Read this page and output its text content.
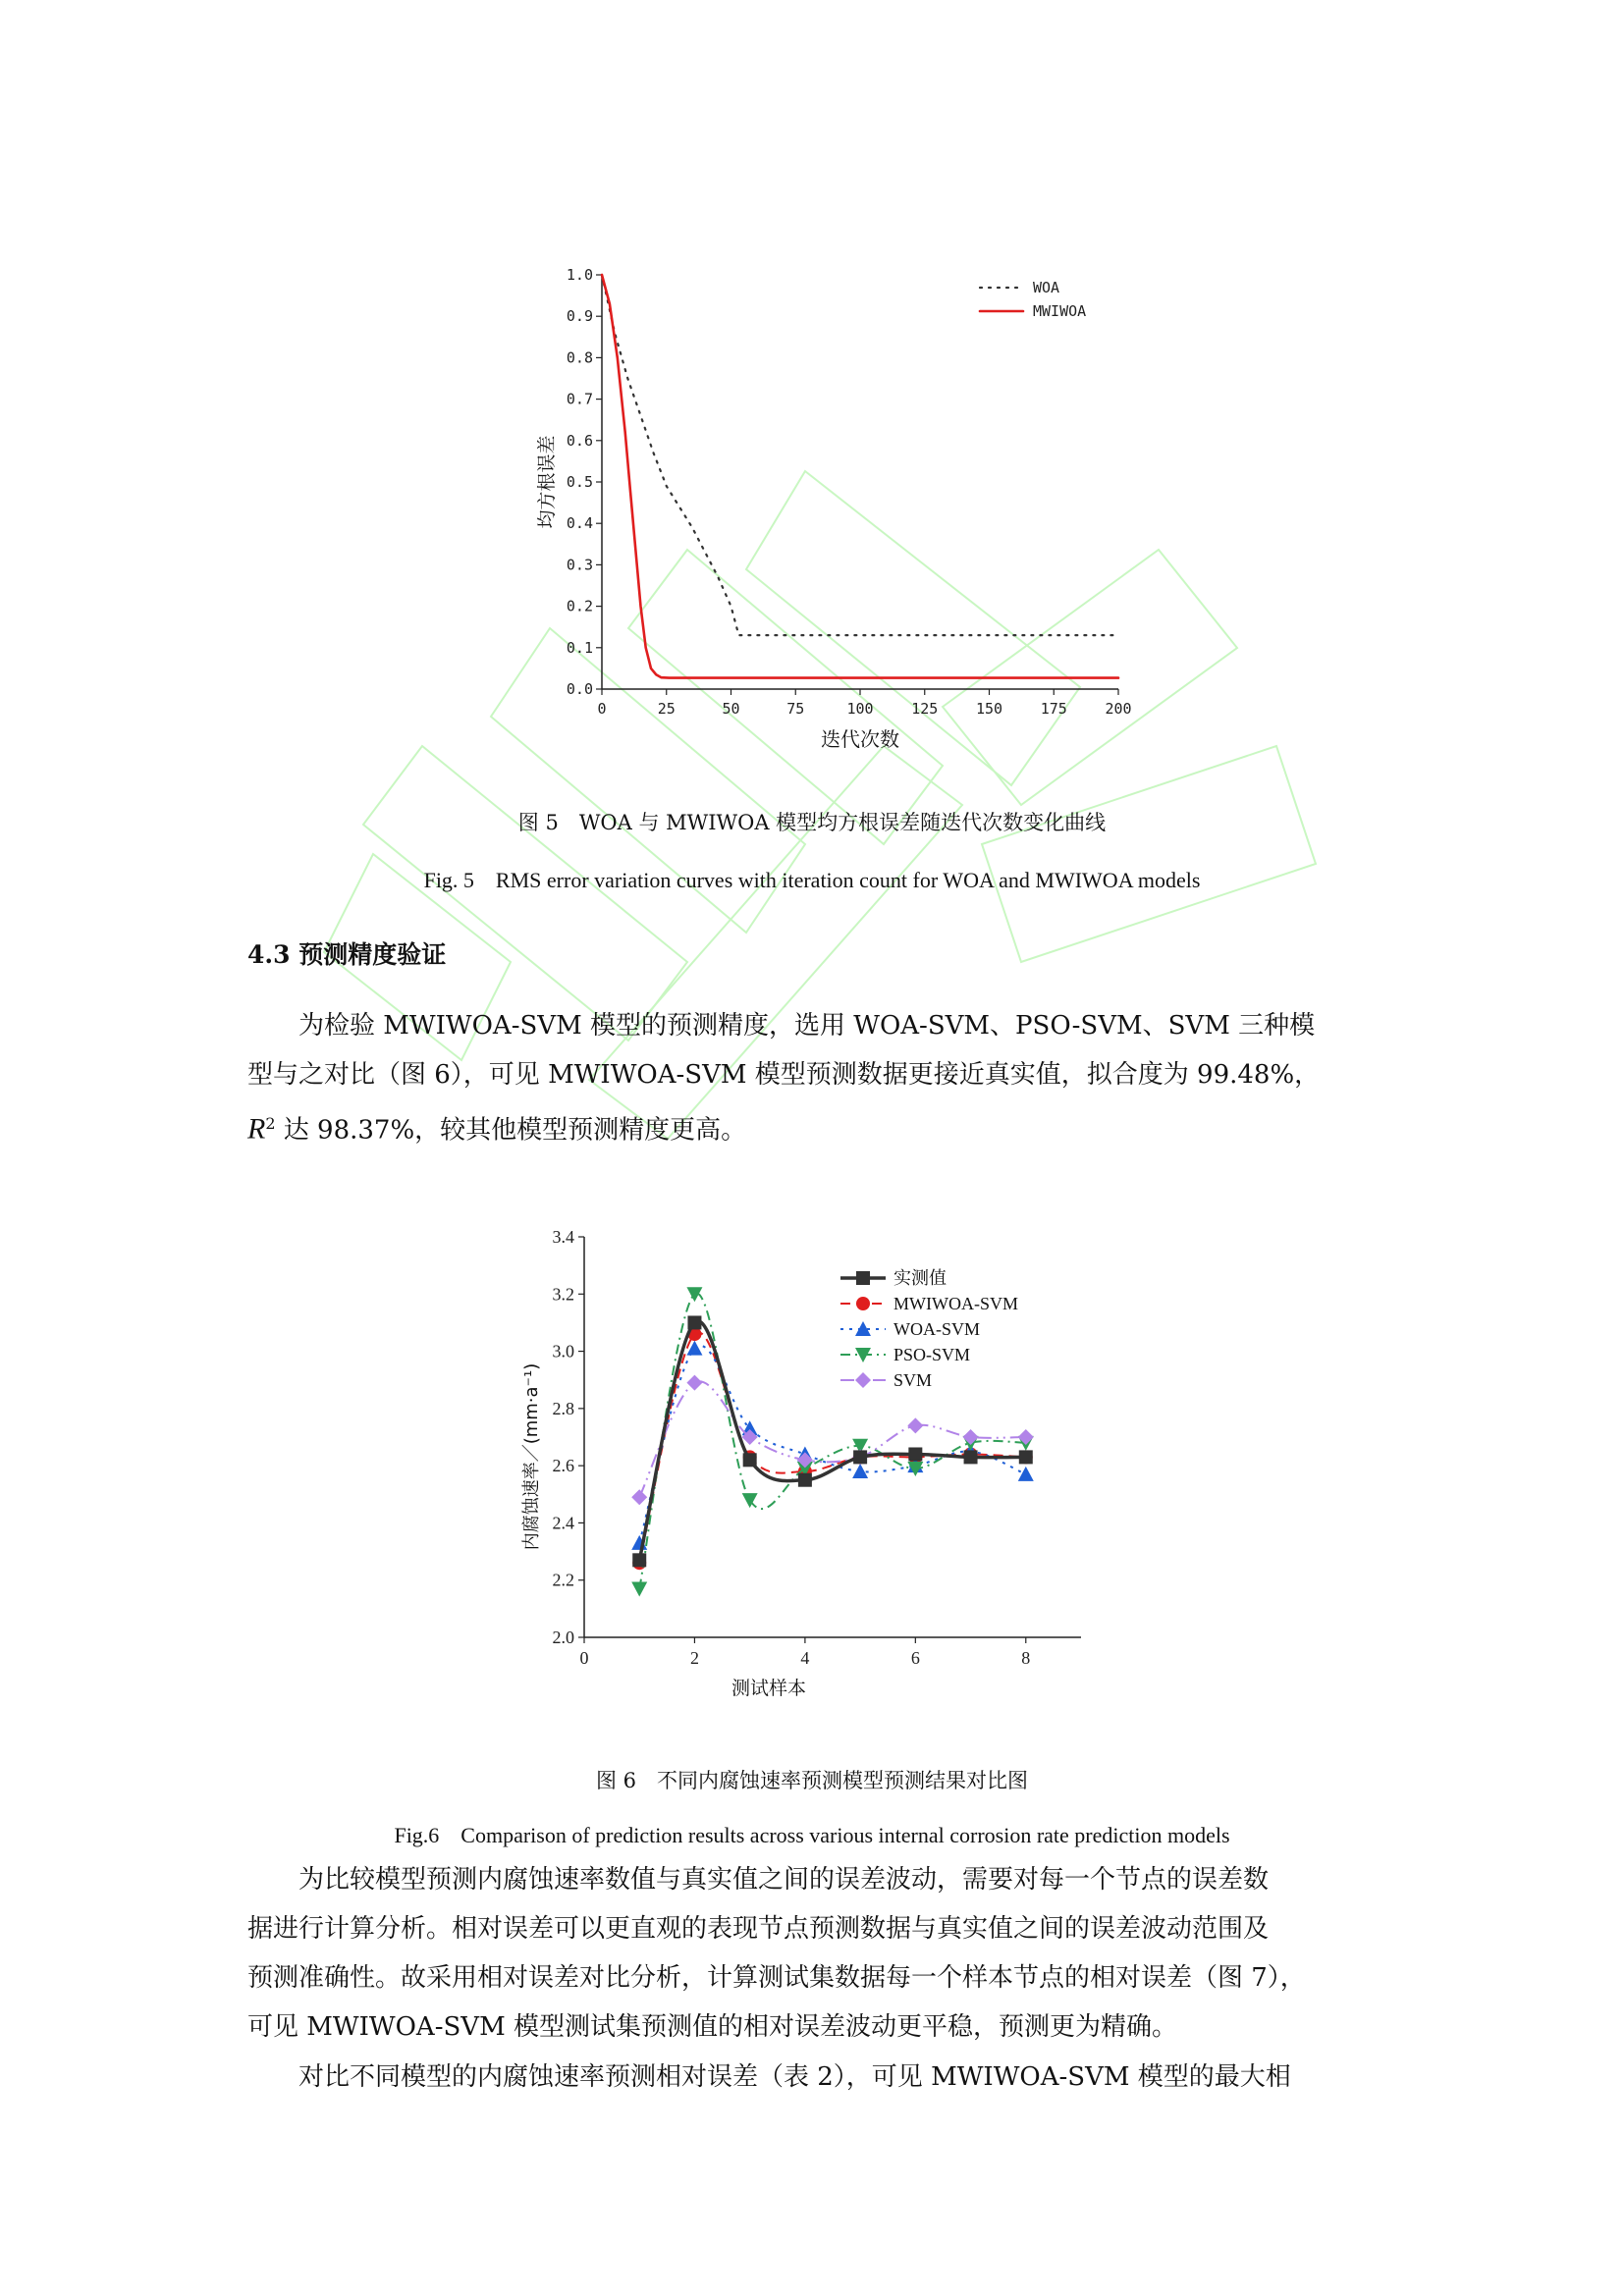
0	25	50	75	100	125	150	175	200
0.0
0.1
0.2
0.3
0.4
0.5
0.6
0.7
0.8
0.9
1.0
迭代次数
均方根误差
WOA
MWIWOA
图 5　WOA 与 MWIWOA 模型均方根误差随迭代次数变化曲线
Fig. 5　RMS error variation curves with iteration count for WOA and MWIWOA models
4.3 预测精度验证

为检验 MWIWOA-SVM 模型的预测精度，选用 WOA-SVM、PSO-SVM、SVM 三种模

型与之对比（图 6），可见 MWIWOA-SVM 模型预测数据更接近真实值，拟合度为 99.48%，

$R^2$ 达 98.37%，较其他模型预测精度更高。

0	2	4	6	8
2.0
2.2
2.4
2.6
2.8
3.0
3.2
3.4
测试样本
内腐蚀速率／(mm·a⁻¹)
实测值
MWIWOA-SVM
WOA-SVM
PSO-SVM
SVM
图 6　不同内腐蚀速率预测模型预测结果对比图
Fig.6　Comparison of prediction results across various internal corrosion rate prediction models

为比较模型预测内腐蚀速率数值与真实值之间的误差波动，需要对每一个节点的误差数

据进行计算分析。相对误差可以更直观的表现节点预测数据与真实值之间的误差波动范围及

预测准确性。故采用相对误差对比分析，计算测试集数据每一个样本节点的相对误差（图 7），

可见 MWIWOA-SVM 模型测试集预测值的相对误差波动更平稳，预测更为精确。

对比不同模型的内腐蚀速率预测相对误差（表 2），可见 MWIWOA-SVM 模型的最大相
